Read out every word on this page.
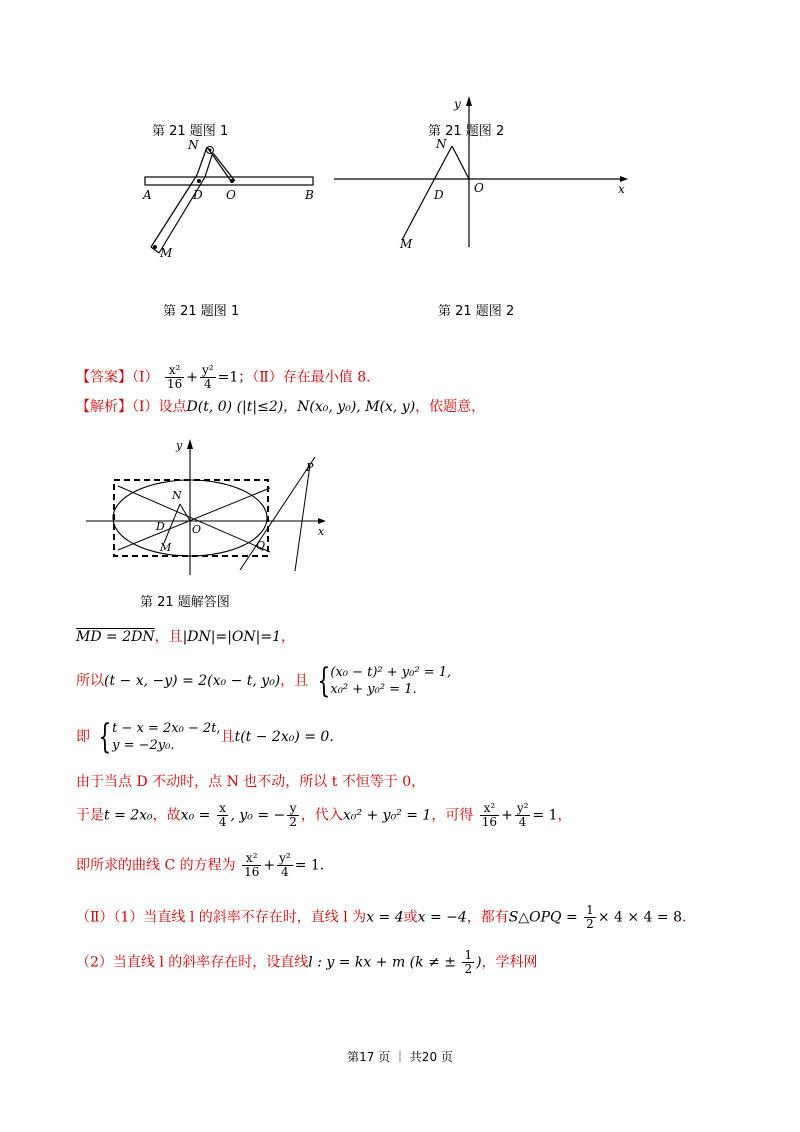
第 21 题图 1
N
A	D O	B
M
第 21 题图 1
第 21 题图 2
y
N
O	x
D
M
第 21 题图 2
【答案】（Ⅰ） $\frac{\text{x²}}{16} + \frac{\text{y²}}{4} =1$；（Ⅱ）存在最小值 8.
【解析】（Ⅰ）设点D(t, 0) (|t|≤2)，N(x₀, y₀), M(x, y)，依题意，
y
N
D O
M	Q
P
x
第 21 题解答图
MD = 2DN，且|DN|=|ON|=1，
所以(t − x, −y) = 2(x₀ − t, y₀)，且 { (x₀ − t)² + y₀² = 1,
x₀² + y₀² = 1.
即 { t − x = 2x₀ − 2t,
y = −2y₀.
且t(t − 2x₀) = 0.
由于当点 D 不动时，点 N 也不动，所以 t 不恒等于 0，
于是t = 2x₀，故$x_0 = \frac{x}{4}$ , y₀ = − $\frac{y}{2}$ ，代入x₀² + y₀² = 1，可得 $\frac{\text{x²}}{16} + \frac{\text{y²}}{4} = 1$，
即所求的曲线 C 的方程为 $\frac{\text{x²}}{16} + \frac{\text{y²}}{4} = 1$.
（Ⅱ）（1）当直线 l 的斜率不存在时，直线 l 为x = 4或x = −4，都有S△OPQ = $\frac{1}{2} \times 4 \times 4 = 8$.
（2）当直线 l 的斜率存在时，设直线l : y = kx + m (k ≠ ± $\frac{1}{2}$ )，学科网
第17 页 ｜ 共20 页
